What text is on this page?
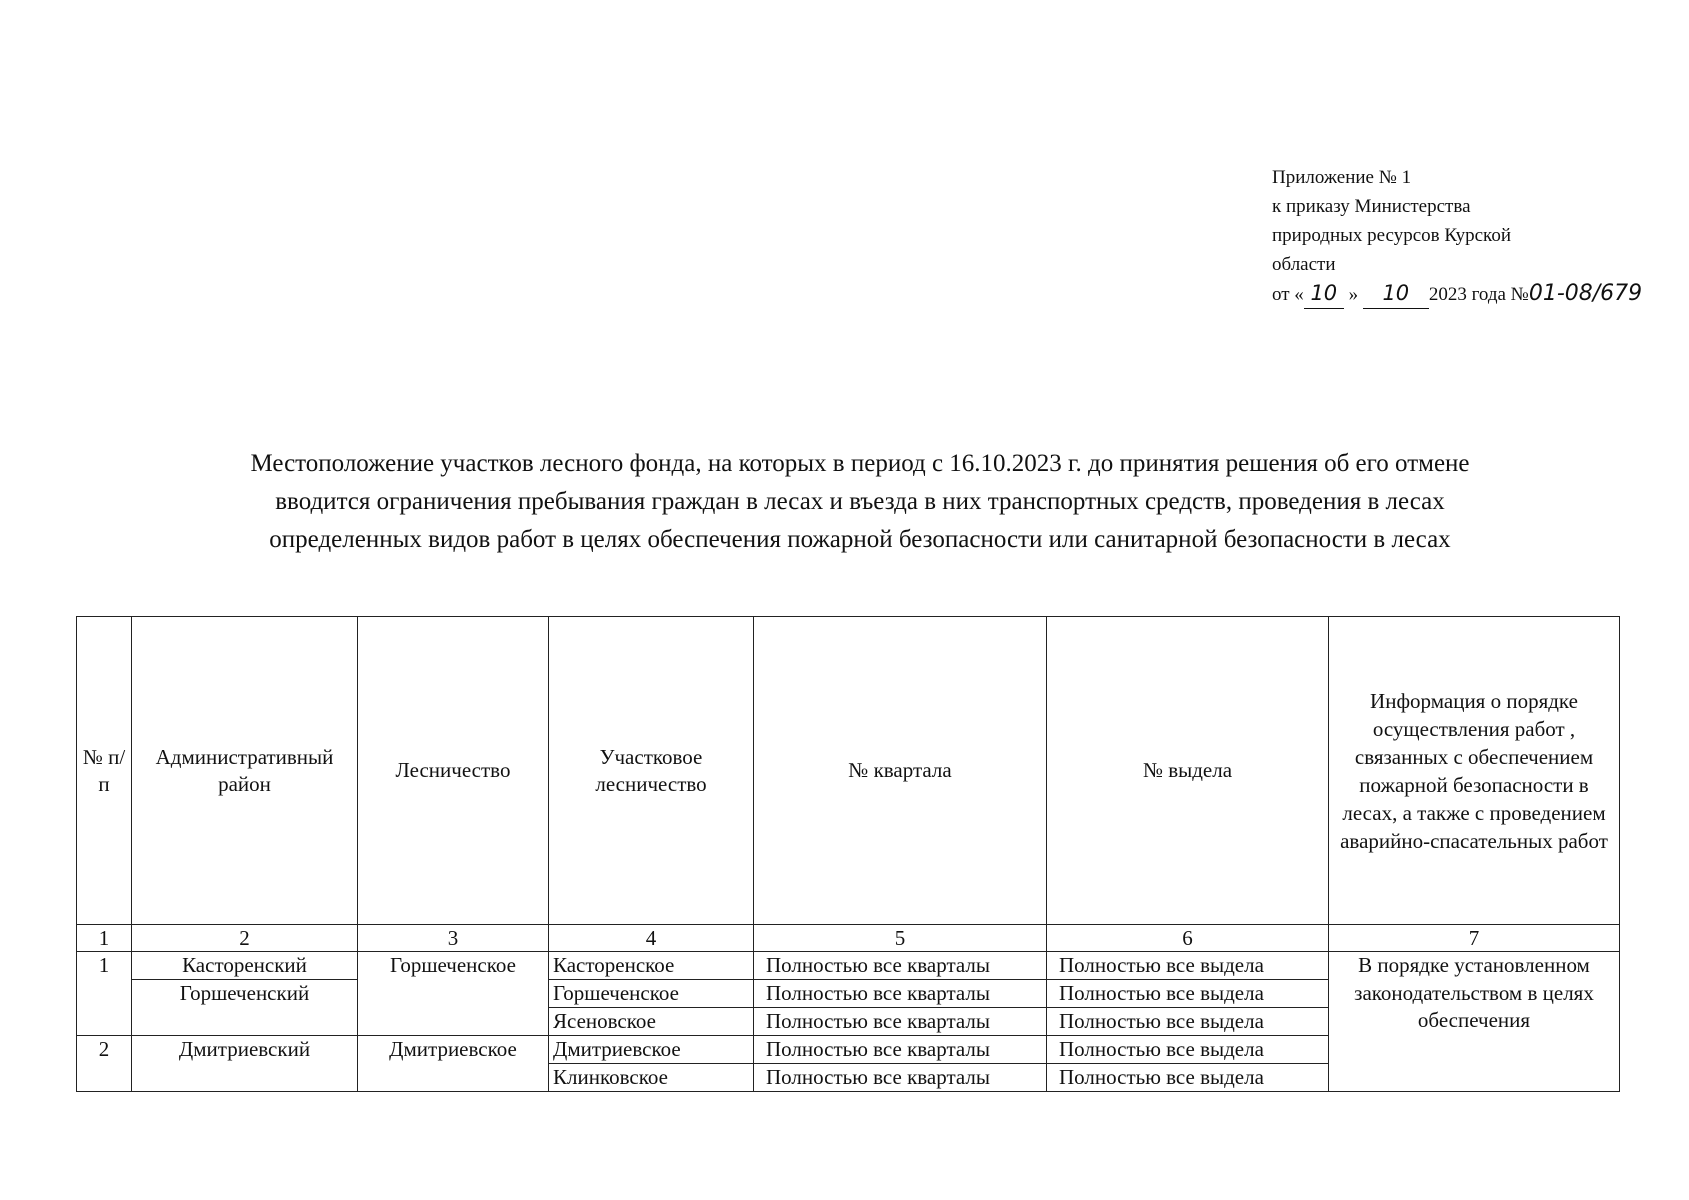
Приложение № 1
к приказу Министерства
природных ресурсов Курской
области
от « 10 » 10 2023 года №01-08/679
Местоположение участков лесного фонда, на которых в период с 16.10.2023 г. до принятия решения об его отмене
вводится ограничения пребывания граждан в лесах и въезда в них транспортных средств, проведения в лесах
определенных видов работ в целях обеспечения пожарной безопасности или санитарной безопасности в лесах
№ п/п	Административный район	Лесничество	Участковое лесничество	№ квартала	№ выдела	Информация о порядке осуществления работ , связанных с обеспечением пожарной безопасности в лесах, а также с проведением аварийно-спасательных работ
1	2	3	4	5	6	7
1	Касторенский	Горшеченское	Касторенское	Полностью все кварталы	Полностью все выдела	В порядке установленном законодательством в целях обеспечения
	Горшеченский		Горшеченское	Полностью все кварталы	Полностью все выдела	
			Ясеновское	Полностью все кварталы	Полностью все выдела	
2	Дмитриевский	Дмитриевское	Дмитриевское	Полностью все кварталы	Полностью все выдела	
			Клинковское	Полностью все кварталы	Полностью все выдела	
